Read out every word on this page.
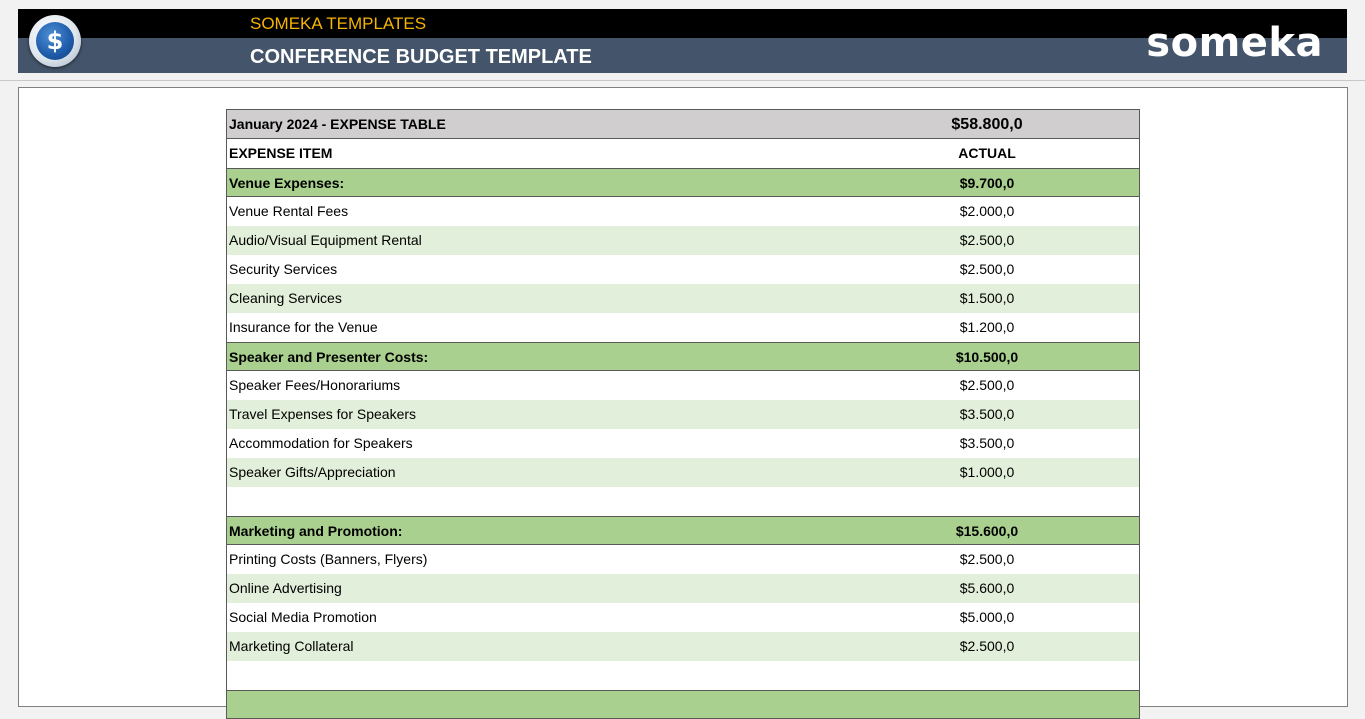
$
SOMEKA TEMPLATES
CONFERENCE BUDGET TEMPLATE	someka
January 2024 - EXPENSE TABLE	$58.800,0
EXPENSE ITEM	ACTUAL
Venue Expenses:	$9.700,0
Venue Rental Fees	$2.000,0
Audio/Visual Equipment Rental	$2.500,0
Security Services	$2.500,0
Cleaning Services	$1.500,0
Insurance for the Venue	$1.200,0
Speaker and Presenter Costs:	$10.500,0
Speaker Fees/Honorariums	$2.500,0
Travel Expenses for Speakers	$3.500,0
Accommodation for Speakers	$3.500,0
Speaker Gifts/Appreciation	$1.000,0
Marketing and Promotion:	$15.600,0
Printing Costs (Banners, Flyers)	$2.500,0
Online Advertising	$5.600,0
Social Media Promotion	$5.000,0
Marketing Collateral	$2.500,0
